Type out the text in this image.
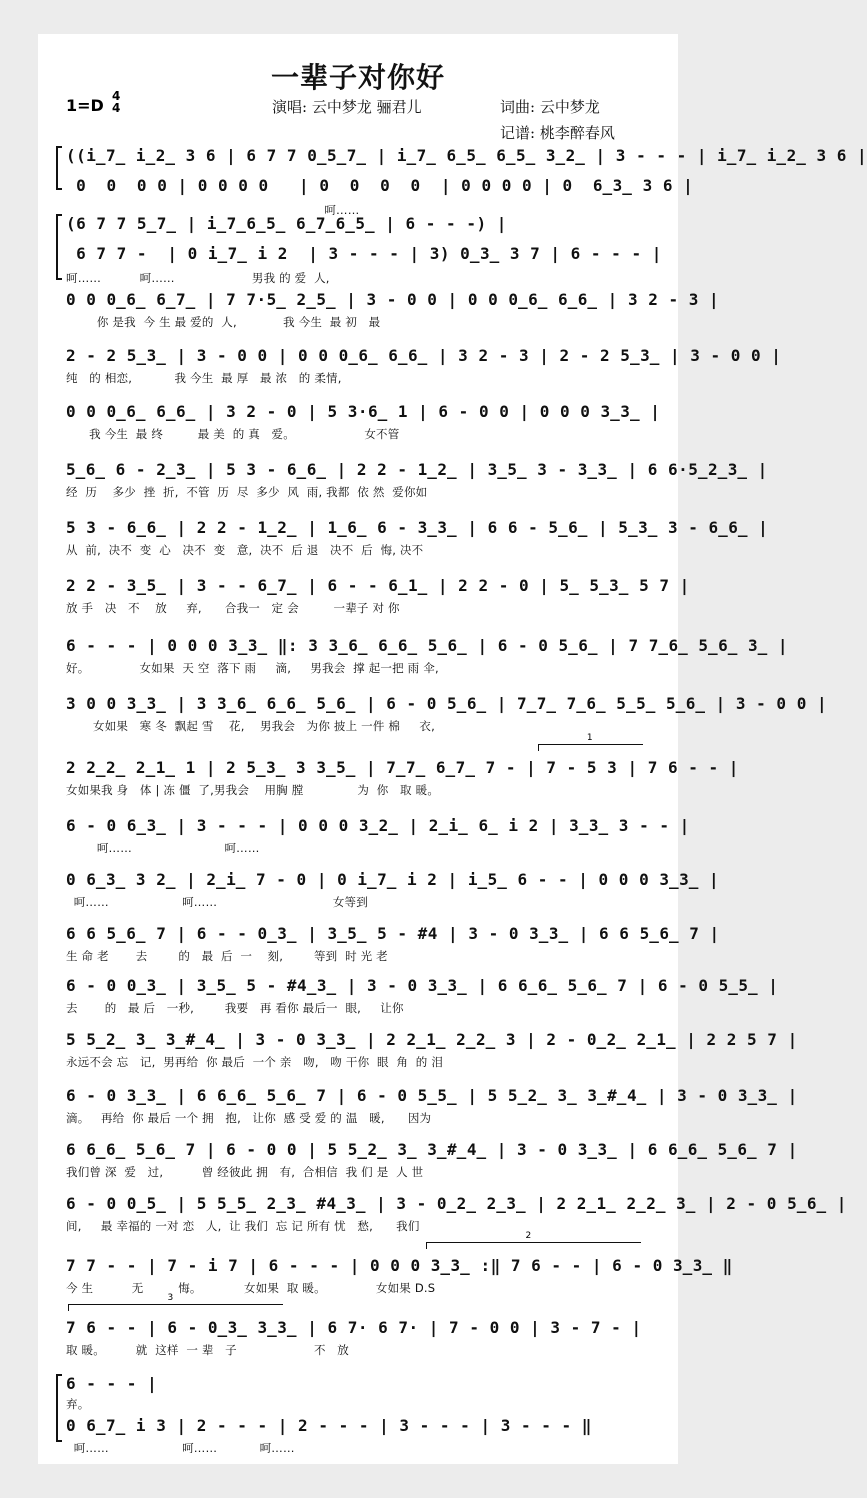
一辈子对你好
1=D 4
4	演唱: 云中梦龙 骊君儿	词曲: 云中梦龙
记谱: 桃李醉春风
((i̲7̲ i̲2̲ 3 6 | 6 7 7 0̲5̲7̲ | i̲7̲ 6̲5̲ 6̲5̲ 3̲2̲ | 3 - - - | i̲7̲ i̲2̲ 3 6 |
0  0  0 0 | 0 0 0 0   | 0  0  0  0  | 0 0 0 0 | 0  6̲3̲ 3 6 |
呵……
(6 7 7 5̲7̲ | i̲7̲6̲5̲ 6̲7̲6̲5̲ | 6 - - -) |
6 7 7 -  | 0 i̲7̲ i 2  | 3 - - - | 3) 0̲3̲ 3 7 | 6 - - - |
呵……          呵……                    男我 的 爱  人,
0 0 0̲6̲ 6̲7̲ | 7 7·5̲ 2̲5̲ | 3 - 0 0 | 0 0 0̲6̲ 6̲6̲ | 3 2 - 3 |
你 是我  今 生 最 爱的  人,            我 今生  最 初   最
2 - 2 5̲3̲ | 3 - 0 0 | 0 0 0̲6̲ 6̲6̲ | 3 2 - 3 | 2 - 2 5̲3̲ | 3 - 0 0 |
纯   的 相恋,           我 今生  最 厚   最 浓   的 柔情,
0 0 0̲6̲ 6̲6̲ | 3 2 - 0 | 5 3·6̲ 1 | 6 - 0 0 | 0 0 0 3̲3̲ |
我 今生  最 终         最 美  的 真   爱。                  女不管
5̲6̲ 6 - 2̲3̲ | 5 3 - 6̲6̲ | 2 2 - 1̲2̲ | 3̲5̲ 3 - 3̲3̲ | 6 6·5̲2̲3̲ |
经  历    多少  挫  折,  不管  历  尽  多少  风  雨, 我都  依 然  爱你如
5 3 - 6̲6̲ | 2 2 - 1̲2̲ | 1̲6̲ 6 - 3̲3̲ | 6 6 - 5̲6̲ | 5̲3̲ 3 - 6̲6̲ |
从  前,  决不  变  心   决不  变   意,  决不  后 退   决不  后  悔, 决不
2 2 - 3̲5̲ | 3 - - 6̲7̲ | 6 - - 6̲1̲ | 2 2 - 0 | 5̲ 5̲3̲ 5 7 |
放 手   决   不    放     弃,      合我一   定 会         一辈子 对 你
6 - - - | 0 0 0 3̲3̲ ‖: 3 3̲6̲ 6̲6̲ 5̲6̲ | 6 - 0 5̲6̲ | 7 7̲6̲ 5̲6̲ 3̲ |
好。             女如果  天 空  落下 雨     滴,     男我会  撑 起一把 雨 伞,
3 0 0 3̲3̲ | 3 3̲6̲ 6̲6̲ 5̲6̲ | 6 - 0 5̲6̲ | 7̲7̲ 7̲6̲ 5̲5̲ 5̲6̲ | 3 - 0 0 |
女如果   寒 冬  飘起 雪    花,    男我会   为你 披上 一件 棉     衣,
1
2 2̲2̲ 2̲1̲ 1 | 2 5̲3̲ 3 3̲5̲ | 7̲7̲ 6̲7̲ 7 - | 7 - 5 3 | 7 6 - - |
女如果我 身   体 | 冻 僵  了,男我会    用胸 膛              为  你   取 暖。
6 - 0 6̲3̲ | 3 - - - | 0 0 0 3̲2̲ | 2̲i̲ 6̲ i 2 | 3̲3̲ 3 - - |
呵……                        呵……
0 6̲3̲ 3 2̲ | 2̲i̲ 7 - 0 | 0 i̲7̲ i 2 | i̲5̲ 6 - - | 0 0 0 3̲3̲ |
呵……                   呵……                              女等到
6 6 5̲6̲ 7 | 6 - - 0̲3̲ | 3̲5̲ 5 - #4 | 3 - 0 3̲3̲ | 6 6 5̲6̲ 7 |
生 命 老       去        的   最  后  一    刻,        等到  时 光 老
6 - 0 0̲3̲ | 3̲5̲ 5 - #4̲3̲ | 3 - 0 3̲3̲ | 6 6̲6̲ 5̲6̲ 7 | 6 - 0 5̲5̲ |
去       的   最 后   一秒,        我要   再 看你 最后一  眼,     让你
5 5̲2̲ 3̲ 3̲#̲4̲ | 3 - 0 3̲3̲ | 2 2̲1̲ 2̲2̲ 3 | 2 - 0̲2̲ 2̲1̲ | 2 2 5 7 |
永远不会 忘   记,  男再给  你 最后  一个 亲   吻,   吻 干你  眼  角  的 泪
6 - 0 3̲3̲ | 6 6̲6̲ 5̲6̲ 7 | 6 - 0 5̲5̲ | 5 5̲2̲ 3̲ 3̲#̲4̲ | 3 - 0 3̲3̲ |
滴。   再给  你 最后 一个 拥   抱,   让你  感 受 爱 的 温   暖,      因为
6 6̲6̲ 5̲6̲ 7 | 6 - 0 0 | 5 5̲2̲ 3̲ 3̲#̲4̲ | 3 - 0 3̲3̲ | 6 6̲6̲ 5̲6̲ 7 |
我们曾 深  爱   过,          曾 经彼此 拥   有,  合相信  我 们 是  人 世
6 - 0 0̲5̲ | 5 5̲5̲ 2̲3̲ #4̲3̲ | 3 - 0̲2̲ 2̲3̲ | 2 2̲1̲ 2̲2̲ 3̲ | 2 - 0 5̲6̲ |
间,     最 幸福的 一对 恋   人,  让 我们  忘 记 所有 忧   愁,      我们
2
7 7 - - | 7 - i 7 | 6 - - - | 0 0 0 3̲3̲ :‖ 7 6 - - | 6 - 0 3̲3̲ ‖
今 生          无         悔。           女如果  取 暖。             女如果 D.S
3
7 6 - - | 6 - 0̲3̲ 3̲3̲ | 6 7· 6 7· | 7 - 0 0 | 3 - 7 - |
取 暖。        就  这样  一 辈   子                    不   放
6 - - - |
弃。
0 6̲7̲ i 3 | 2 - - - | 2 - - - | 3 - - - | 3 - - - ‖
呵……                   呵……           呵……
